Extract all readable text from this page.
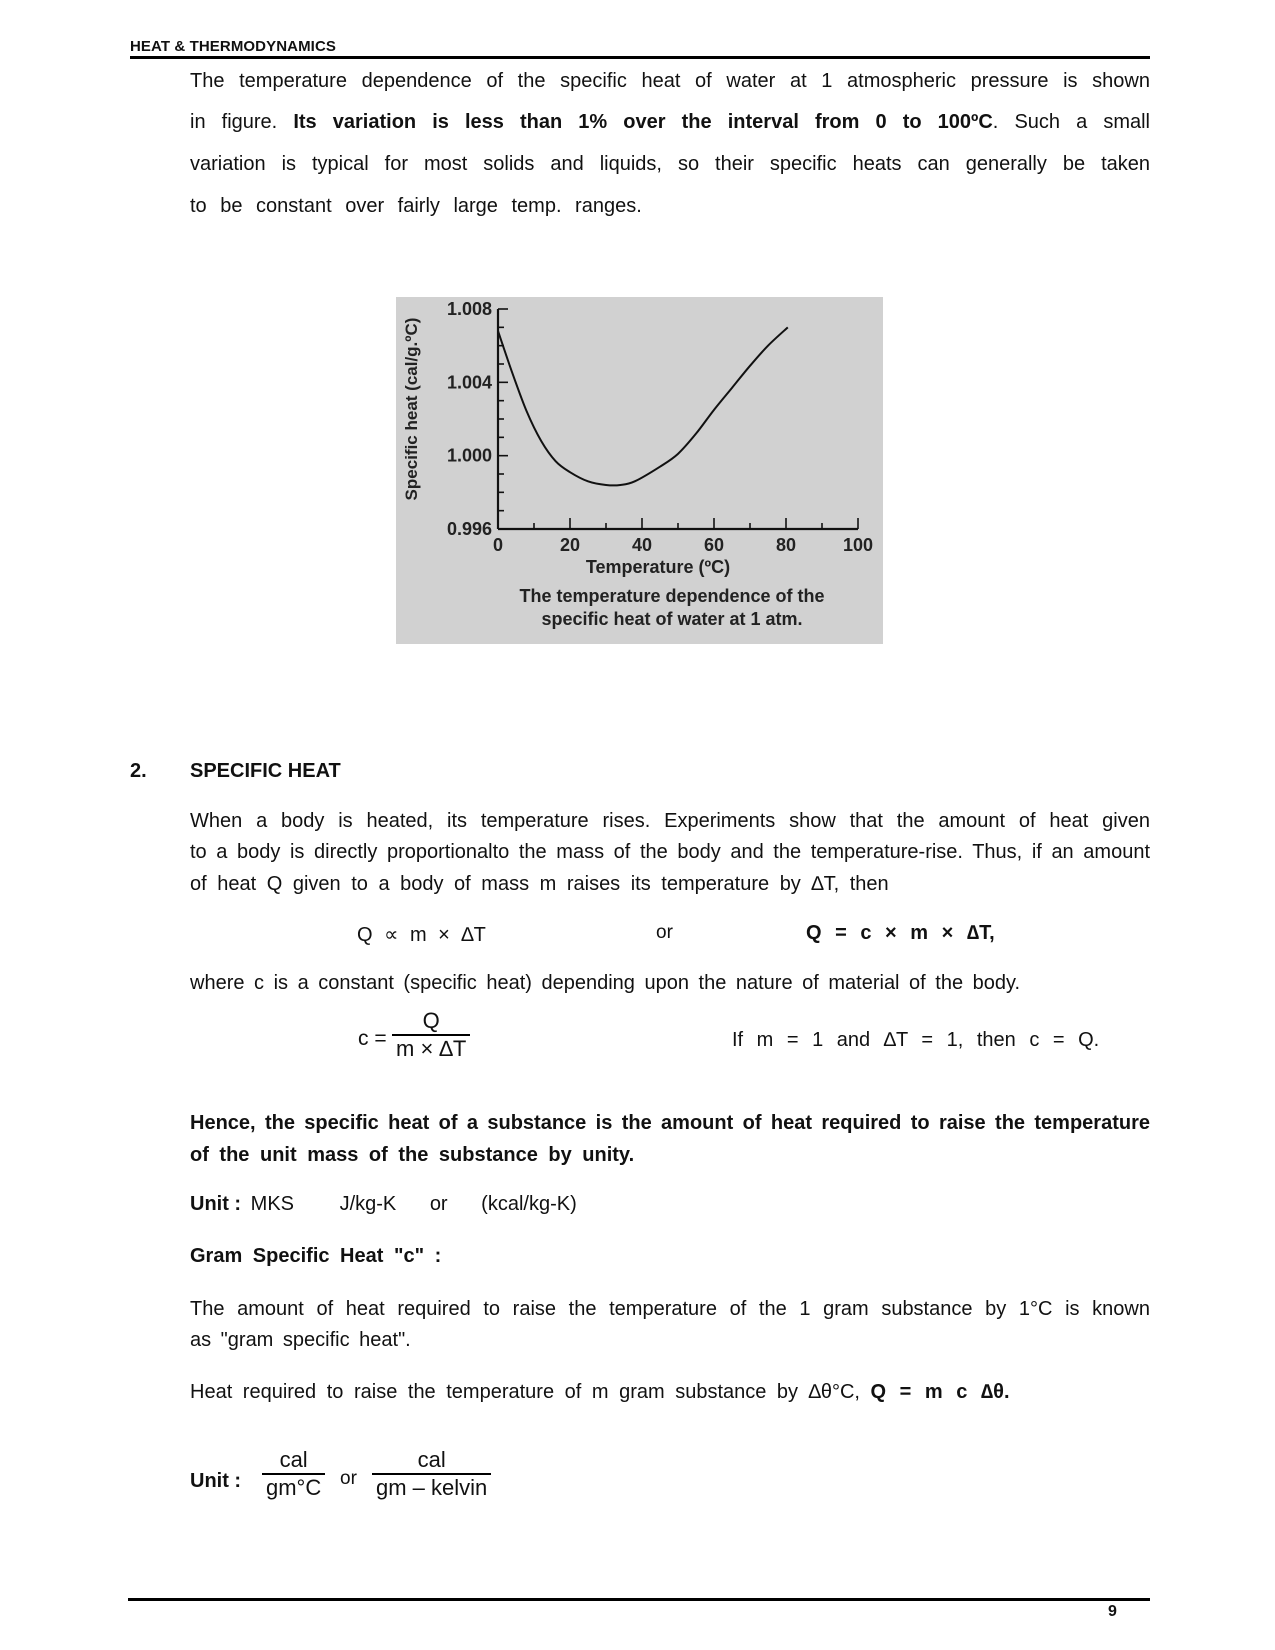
HEAT & THERMODYNAMICS
The temperature dependence of the specific heat of water at 1 atmospheric pressure is shown
in figure. Its variation is less than 1% over the interval from 0 to 100ºC. Such a small
variation is typical for most solids and liquids, so their specific heats can generally be taken
to be constant over fairly large temp. ranges.
0.996
1.000
1.004
1.008
0	20	40	60	80	100
Specific heat (cal/g.ºC)
Temperature (ºC)
The temperature dependence of the
specific heat of water at 1 atm.
2. SPECIFIC HEAT
When a body is heated, its temperature rises. Experiments show that the amount of heat given
to a body is directly proportionalto the mass of the body and the temperature-rise. Thus, if an amount
of heat Q given to a body of mass m raises its temperature by ∆T, then
Q ∝ m × ∆T	or	Q = c × m × ∆T,
where c is a constant (specific heat) depending upon the nature of material of the body.
c =
Q
m × ∆T	If m = 1 and ∆T = 1, then c = Q.
Hence, the specific heat of a substance is the amount of heat required to raise the temperature
of the unit mass of the substance by unity.
Unit : MKS J/kg-K or (kcal/kg-K)
Gram Specific Heat "c" :
The amount of heat required to raise the temperature of the 1 gram substance by 1°C is known
as "gram specific heat".
Heat required to raise the temperature of m gram substance by ∆θ°C, Q = m c ∆θ.
Unit :
cal
gm°C or
cal
gm – kelvin
9
